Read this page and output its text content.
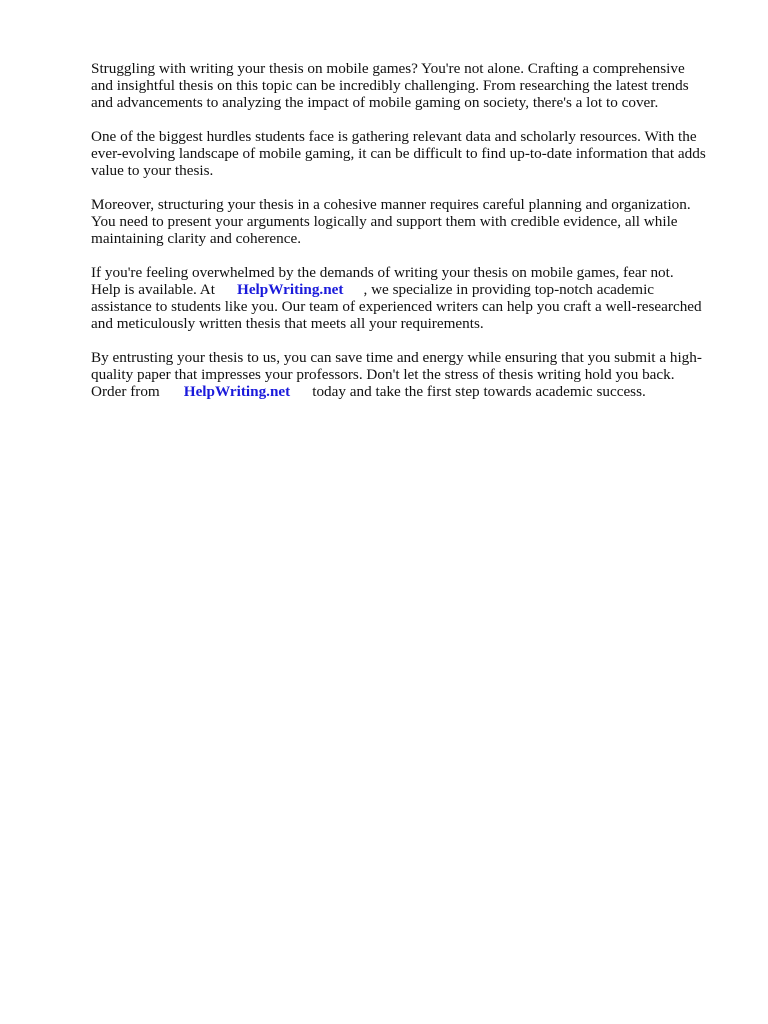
Struggling with writing your thesis on mobile games? You're not alone. Crafting a comprehensive
and insightful thesis on this topic can be incredibly challenging. From researching the latest trends
and advancements to analyzing the impact of mobile gaming on society, there's a lot to cover.

One of the biggest hurdles students face is gathering relevant data and scholarly resources. With the
ever-evolving landscape of mobile gaming, it can be difficult to find up-to-date information that adds
value to your thesis.

Moreover, structuring your thesis in a cohesive manner requires careful planning and organization.
You need to present your arguments logically and support them with credible evidence, all while
maintaining clarity and coherence.

If you're feeling overwhelmed by the demands of writing your thesis on mobile games, fear not.
Help is available. At HelpWriting.net , we specialize in providing top-notch academic
assistance to students like you. Our team of experienced writers can help you craft a well-researched
and meticulously written thesis that meets all your requirements.

By entrusting your thesis to us, you can save time and energy while ensuring that you submit a high-
quality paper that impresses your professors. Don't let the stress of thesis writing hold you back.
Order from HelpWriting.net today and take the first step towards academic success.
